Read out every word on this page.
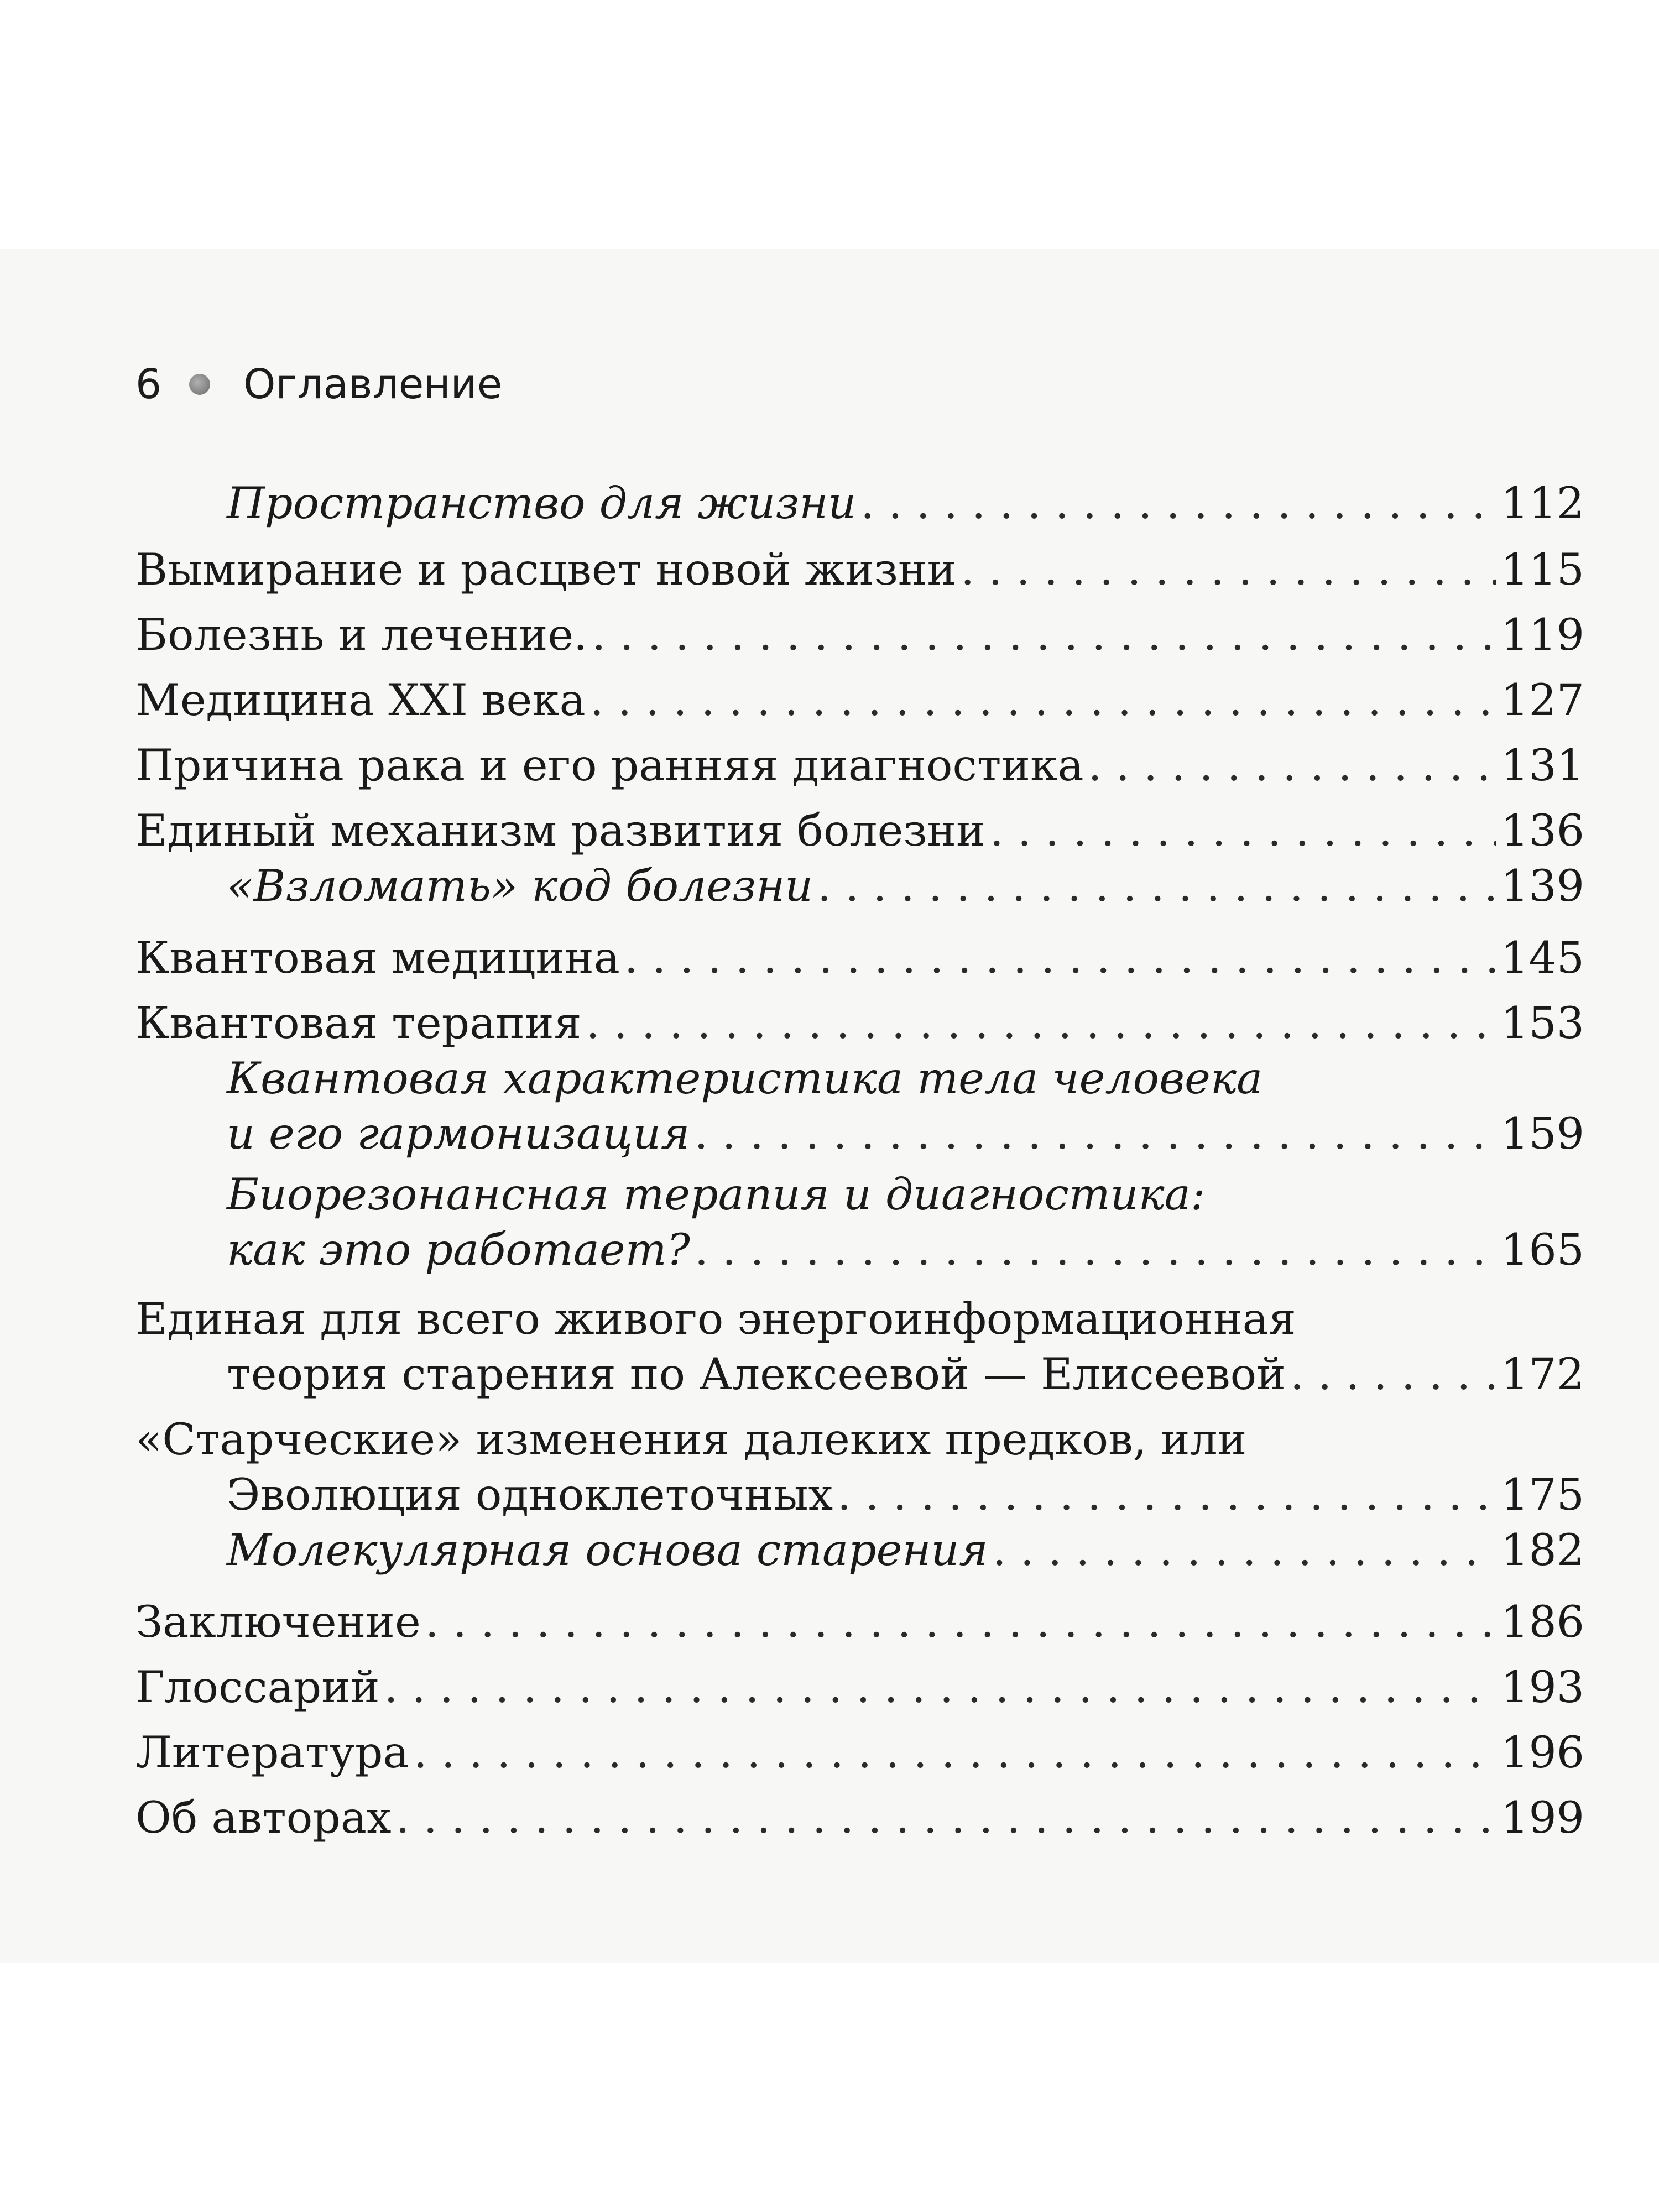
6 Оглавление
Пространство для жизни . . .	112
Вымирание и расцвет новой жизни . . .	115
Болезнь и лечение. . . .	119
Медицина XXI века . . .	127
Причина рака и его ранняя диагностика . . .	131
Единый механизм развития болезни . . .	136
«Взломать» код болезни . . .	139
Квантовая медицина . . .	145
Квантовая терапия . . .	153
Квантовая характеристика тела человека
и его гармонизация . . .	159
Биорезонансная терапия и диагностика:
как это работает? . . .	165
Единая для всего живого энергоинформационная
теория старения по Алексеевой — Елисеевой . . .	172
«Старческие» изменения далеких предков, или
Эволюция одноклеточных . . .	175
Молекулярная основа старения . . .	182
Заключение . . .	186
Глоссарий . . .	193
Литература . . .	196
Об авторах . . .	199
